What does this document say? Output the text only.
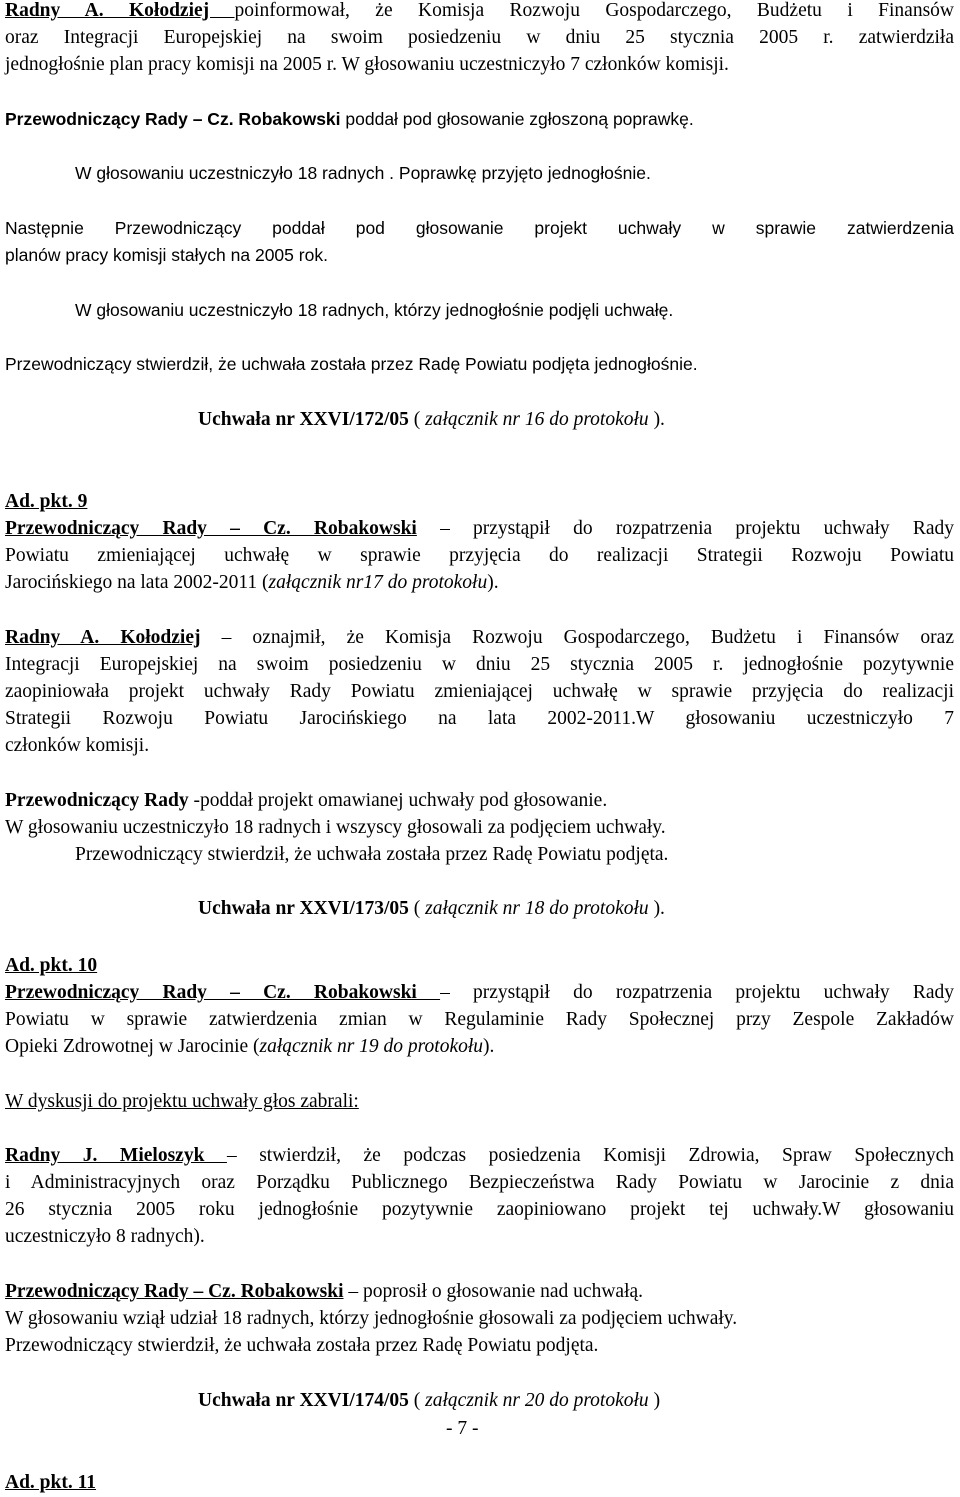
Radny A. Kołodziej poinformował, że Komisja Rozwoju Gospodarczego, Budżetu i Finansów
oraz Integracji Europejskiej na swoim posiedzeniu w dniu 25 stycznia 2005 r. zatwierdziła
jednogłośnie plan pracy komisji na 2005 r. W głosowaniu uczestniczyło 7 członków komisji.
Przewodniczący Rady – Cz. Robakowski poddał pod głosowanie zgłoszoną poprawkę.
W głosowaniu uczestniczyło 18 radnych . Poprawkę przyjęto jednogłośnie.
Następnie Przewodniczący poddał pod głosowanie projekt uchwały w sprawie zatwierdzenia
planów pracy komisji stałych na 2005 rok.
W głosowaniu uczestniczyło 18 radnych, którzy jednogłośnie podjęli uchwałę.
Przewodniczący stwierdził, że uchwała została przez Radę Powiatu podjęta jednogłośnie.
Uchwała nr XXVI/172/05 ( załącznik nr 16 do protokołu ).
Ad. pkt. 9
Przewodniczący Rady – Cz. Robakowski – przystąpił do rozpatrzenia projektu uchwały Rady
Powiatu zmieniającej uchwałę w sprawie przyjęcia do realizacji Strategii Rozwoju Powiatu
Jarocińskiego na lata 2002-2011 (załącznik nr17 do protokołu).
Radny A. Kołodziej – oznajmił, że Komisja Rozwoju Gospodarczego, Budżetu i Finansów oraz
Integracji Europejskiej na swoim posiedzeniu w dniu 25 stycznia 2005 r. jednogłośnie pozytywnie
zaopiniowała projekt uchwały Rady Powiatu zmieniającej uchwałę w sprawie przyjęcia do realizacji
Strategii Rozwoju Powiatu Jarocińskiego na lata 2002-2011.W głosowaniu uczestniczyło 7
członków komisji.
Przewodniczący Rady -poddał projekt omawianej uchwały pod głosowanie.
W głosowaniu uczestniczyło 18 radnych i wszyscy głosowali za podjęciem uchwały.
Przewodniczący stwierdził, że uchwała została przez Radę Powiatu podjęta.
Uchwała nr XXVI/173/05 ( załącznik nr 18 do protokołu ).
Ad. pkt. 10
Przewodniczący Rady – Cz. Robakowski – przystąpił do rozpatrzenia projektu uchwały Rady
Powiatu w sprawie zatwierdzenia zmian w Regulaminie Rady Społecznej przy Zespole Zakładów
Opieki Zdrowotnej w Jarocinie (załącznik nr 19 do protokołu).
W dyskusji do projektu uchwały głos zabrali:
Radny J. Mieloszyk – stwierdził, że podczas posiedzenia Komisji Zdrowia, Spraw Społecznych
i Administracyjnych oraz Porządku Publicznego Bezpieczeństwa Rady Powiatu w Jarocinie z dnia
26 stycznia 2005 roku jednogłośnie pozytywnie zaopiniowano projekt tej uchwały.W głosowaniu
uczestniczyło 8 radnych).
Przewodniczący Rady – Cz. Robakowski – poprosił o głosowanie nad uchwałą.
W głosowaniu wziął udział 18 radnych, którzy jednogłośnie głosowali za podjęciem uchwały.
Przewodniczący stwierdził, że uchwała została przez Radę Powiatu podjęta.
Uchwała nr XXVI/174/05 ( załącznik nr 20 do protokołu )
- 7 -
Ad. pkt. 11
